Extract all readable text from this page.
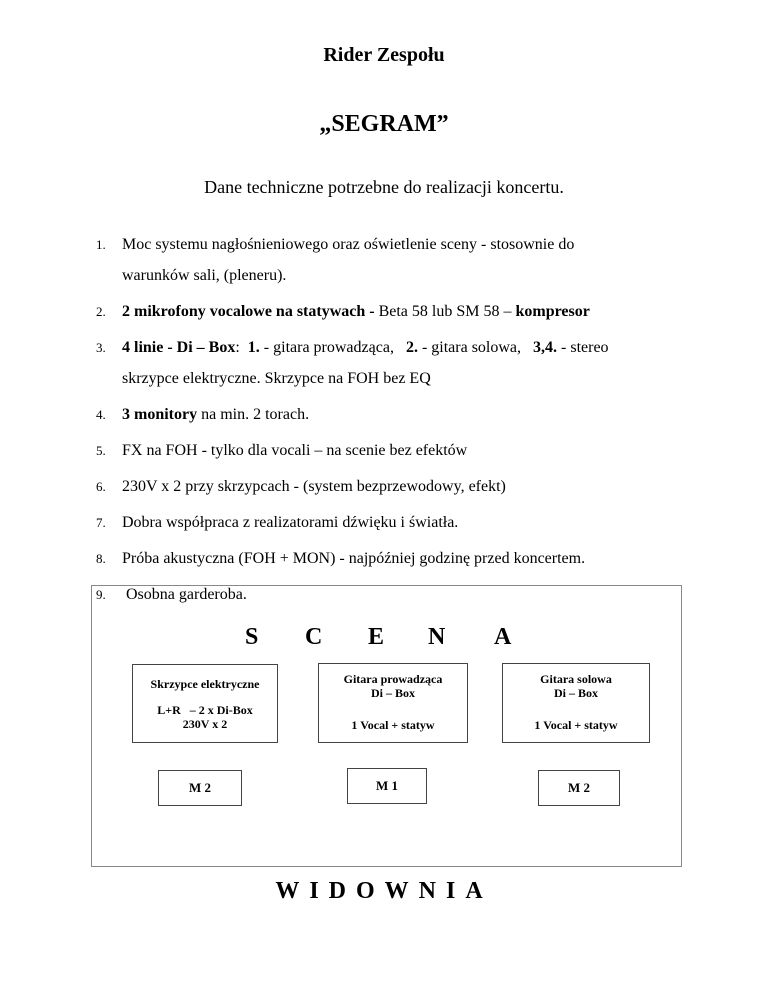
Rider Zespołu
„SEGRAM”
Dane techniczne potrzebne do realizacji koncertu.
1. Moc systemu nagłośnieniowego oraz oświetlenie sceny - stosownie do
warunków sali, (pleneru).
2. 2 mikrofony vocalowe na statywach - Beta 58 lub SM 58 – kompresor
3. 4 linie - Di – Box:  1. - gitara prowadząca,   2. - gitara solowa,   3,4. - stereo
skrzypce elektryczne. Skrzypce na FOH bez EQ
4. 3 monitory na min. 2 torach.
5. FX na FOH - tylko dla vocali – na scenie bez efektów
6. 230V x 2 przy skrzypcach - (system bezprzewodowy, efekt)
7. Dobra współpraca z realizatorami dźwięku i światła.
8. Próba akustyczna (FOH + MON) - najpóźniej godzinę przed koncertem.
9. Osobna garderoba.
S C E N A
Skrzypce elektryczne
L+R   – 2 x Di-Box
230V x 2
Gitara prowadząca
Di – Box
1 Vocal + statyw
Gitara solowa
Di – Box
1 Vocal + statyw
M 2	M 1	M 2
WIDOWNIA
